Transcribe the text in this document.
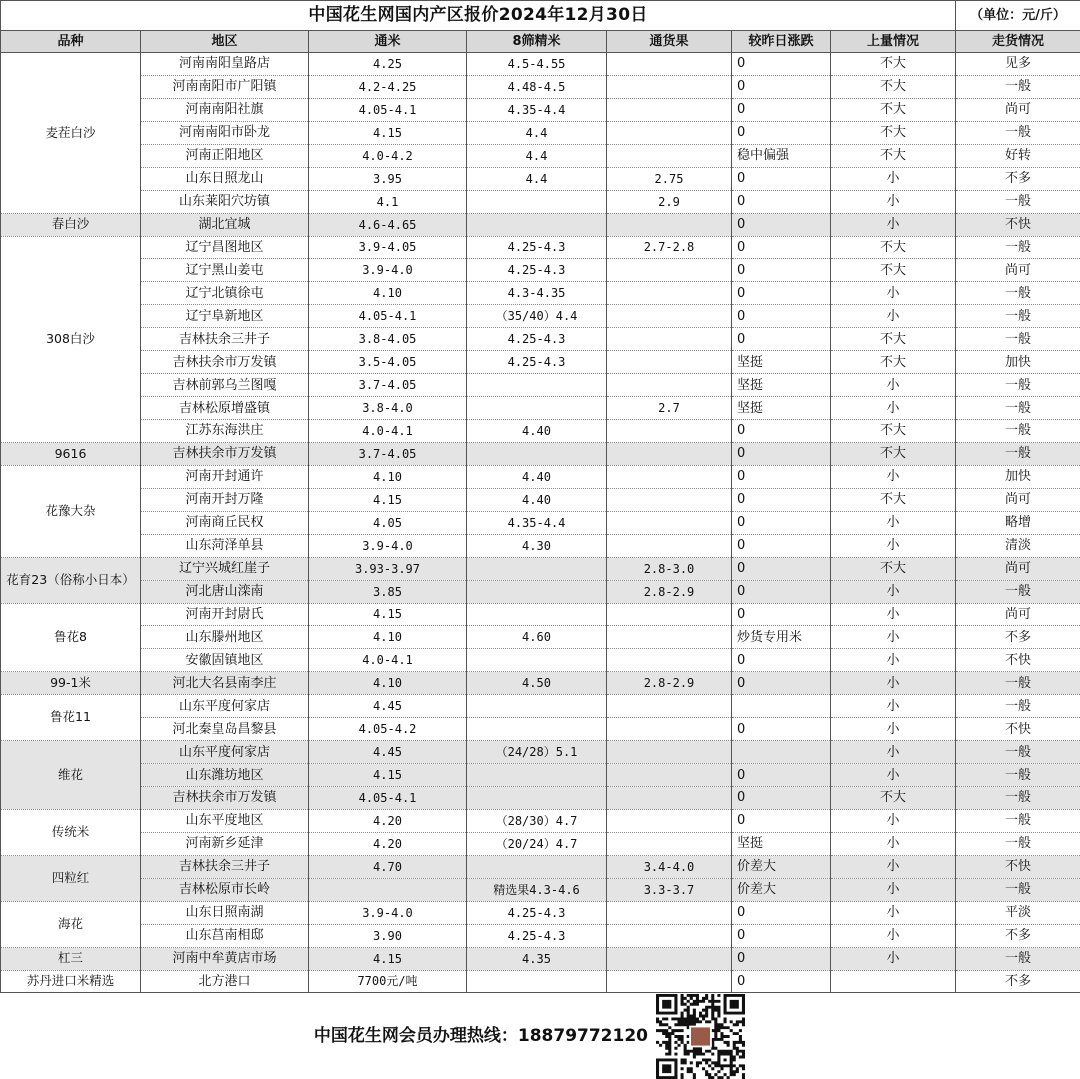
中国花生网国内产区报价2024年12月30日							（单位：元/斤）
品种	地区	通米	8筛精米	通货果	较昨日涨跌	上量情况	走货情况
麦茬白沙	河南南阳皇路店	4.25	4.5-4.55		0	不大	见多
	河南南阳市广阳镇	4.2-4.25	4.48-4.5		0	不大	一般
	河南南阳社旗	4.05-4.1	4.35-4.4		0	不大	尚可
	河南南阳市卧龙	4.15	4.4		0	不大	一般
	河南正阳地区	4.0-4.2	4.4		稳中偏强	不大	好转
	山东日照龙山	3.95	4.4	2.75	0	小	不多
	山东莱阳穴坊镇	4.1		2.9	0	小	一般
春白沙	湖北宜城	4.6-4.65			0	小	不快
308白沙	辽宁昌图地区	3.9-4.05	4.25-4.3	2.7-2.8	0	不大	一般
	辽宁黑山姜屯	3.9-4.0	4.25-4.3		0	不大	尚可
	辽宁北镇徐屯	4.10	4.3-4.35		0	小	一般
	辽宁阜新地区	4.05-4.1	（35/40）4.4		0	小	一般
	吉林扶余三井子	3.8-4.05	4.25-4.3		0	不大	一般
	吉林扶余市万发镇	3.5-4.05	4.25-4.3		坚挺	不大	加快
	吉林前郭乌兰图嘎	3.7-4.05			坚挺	小	一般
	吉林松原增盛镇	3.8-4.0		2.7	坚挺	小	一般
	江苏东海洪庄	4.0-4.1	4.40		0	不大	一般
9616	吉林扶余市万发镇	3.7-4.05			0	不大	一般
花豫大杂	河南开封通许	4.10	4.40		0	小	加快
	河南开封万隆	4.15	4.40		0	不大	尚可
	河南商丘民权	4.05	4.35-4.4		0	小	略增
	山东菏泽单县	3.9-4.0	4.30		0	小	清淡
花育23（俗称小日本）	辽宁兴城红崖子	3.93-3.97		2.8-3.0	0	不大	尚可
	河北唐山滦南	3.85		2.8-2.9	0	小	一般
鲁花8	河南开封尉氏	4.15			0	小	尚可
	山东滕州地区	4.10	4.60		炒货专用米	小	不多
	安徽固镇地区	4.0-4.1			0	小	不快
99-1米	河北大名县南李庄	4.10	4.50	2.8-2.9	0	小	一般
鲁花11	山东平度何家店	4.45				小	一般
	河北秦皇岛昌黎县	4.05-4.2			0	小	不快
维花	山东平度何家店	4.45	（24/28）5.1			小	一般
	山东潍坊地区	4.15			0	小	一般
	吉林扶余市万发镇	4.05-4.1			0	不大	一般
传统米	山东平度地区	4.20	（28/30）4.7		0	小	一般
	河南新乡延津	4.20	（20/24）4.7		坚挺	小	一般
四粒红	吉林扶余三井子	4.70		3.4-4.0	价差大	小	不快
	吉林松原市长岭		精选果4.3-4.6	3.3-3.7	价差大	小	一般
海花	山东日照南湖	3.9-4.0	4.25-4.3		0	小	平淡
	山东莒南相邸	3.90	4.25-4.3		0	小	不多
杠三	河南中牟黄店市场	4.15	4.35		0	小	一般
苏丹进口米精选	北方港口	7700元/吨			0		不多
中国花生网会员办理热线：18879772120
